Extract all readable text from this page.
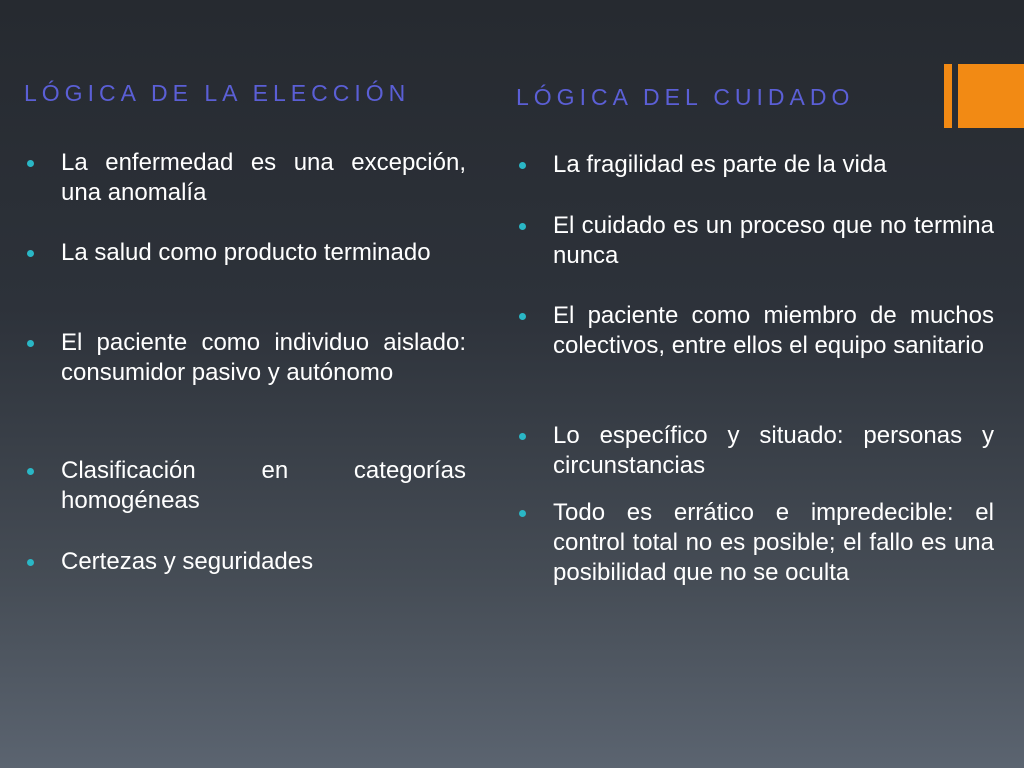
LÓGICA DE LA ELECCIÓN
La enfermedad es una excepción, una anomalía
La salud como producto terminado
El paciente como individuo aislado: consumidor pasivo y autónomo
Clasificación en categorías homogéneas
Certezas y seguridades
LÓGICA DEL CUIDADO
La fragilidad es parte de la vida
El cuidado es un proceso que no termina nunca
El paciente como miembro de muchos colectivos, entre ellos el equipo sanitario
Lo específico y situado: personas y circunstancias
Todo es errático e impredecible: el control total no es posible; el fallo es una posibilidad que no se oculta
